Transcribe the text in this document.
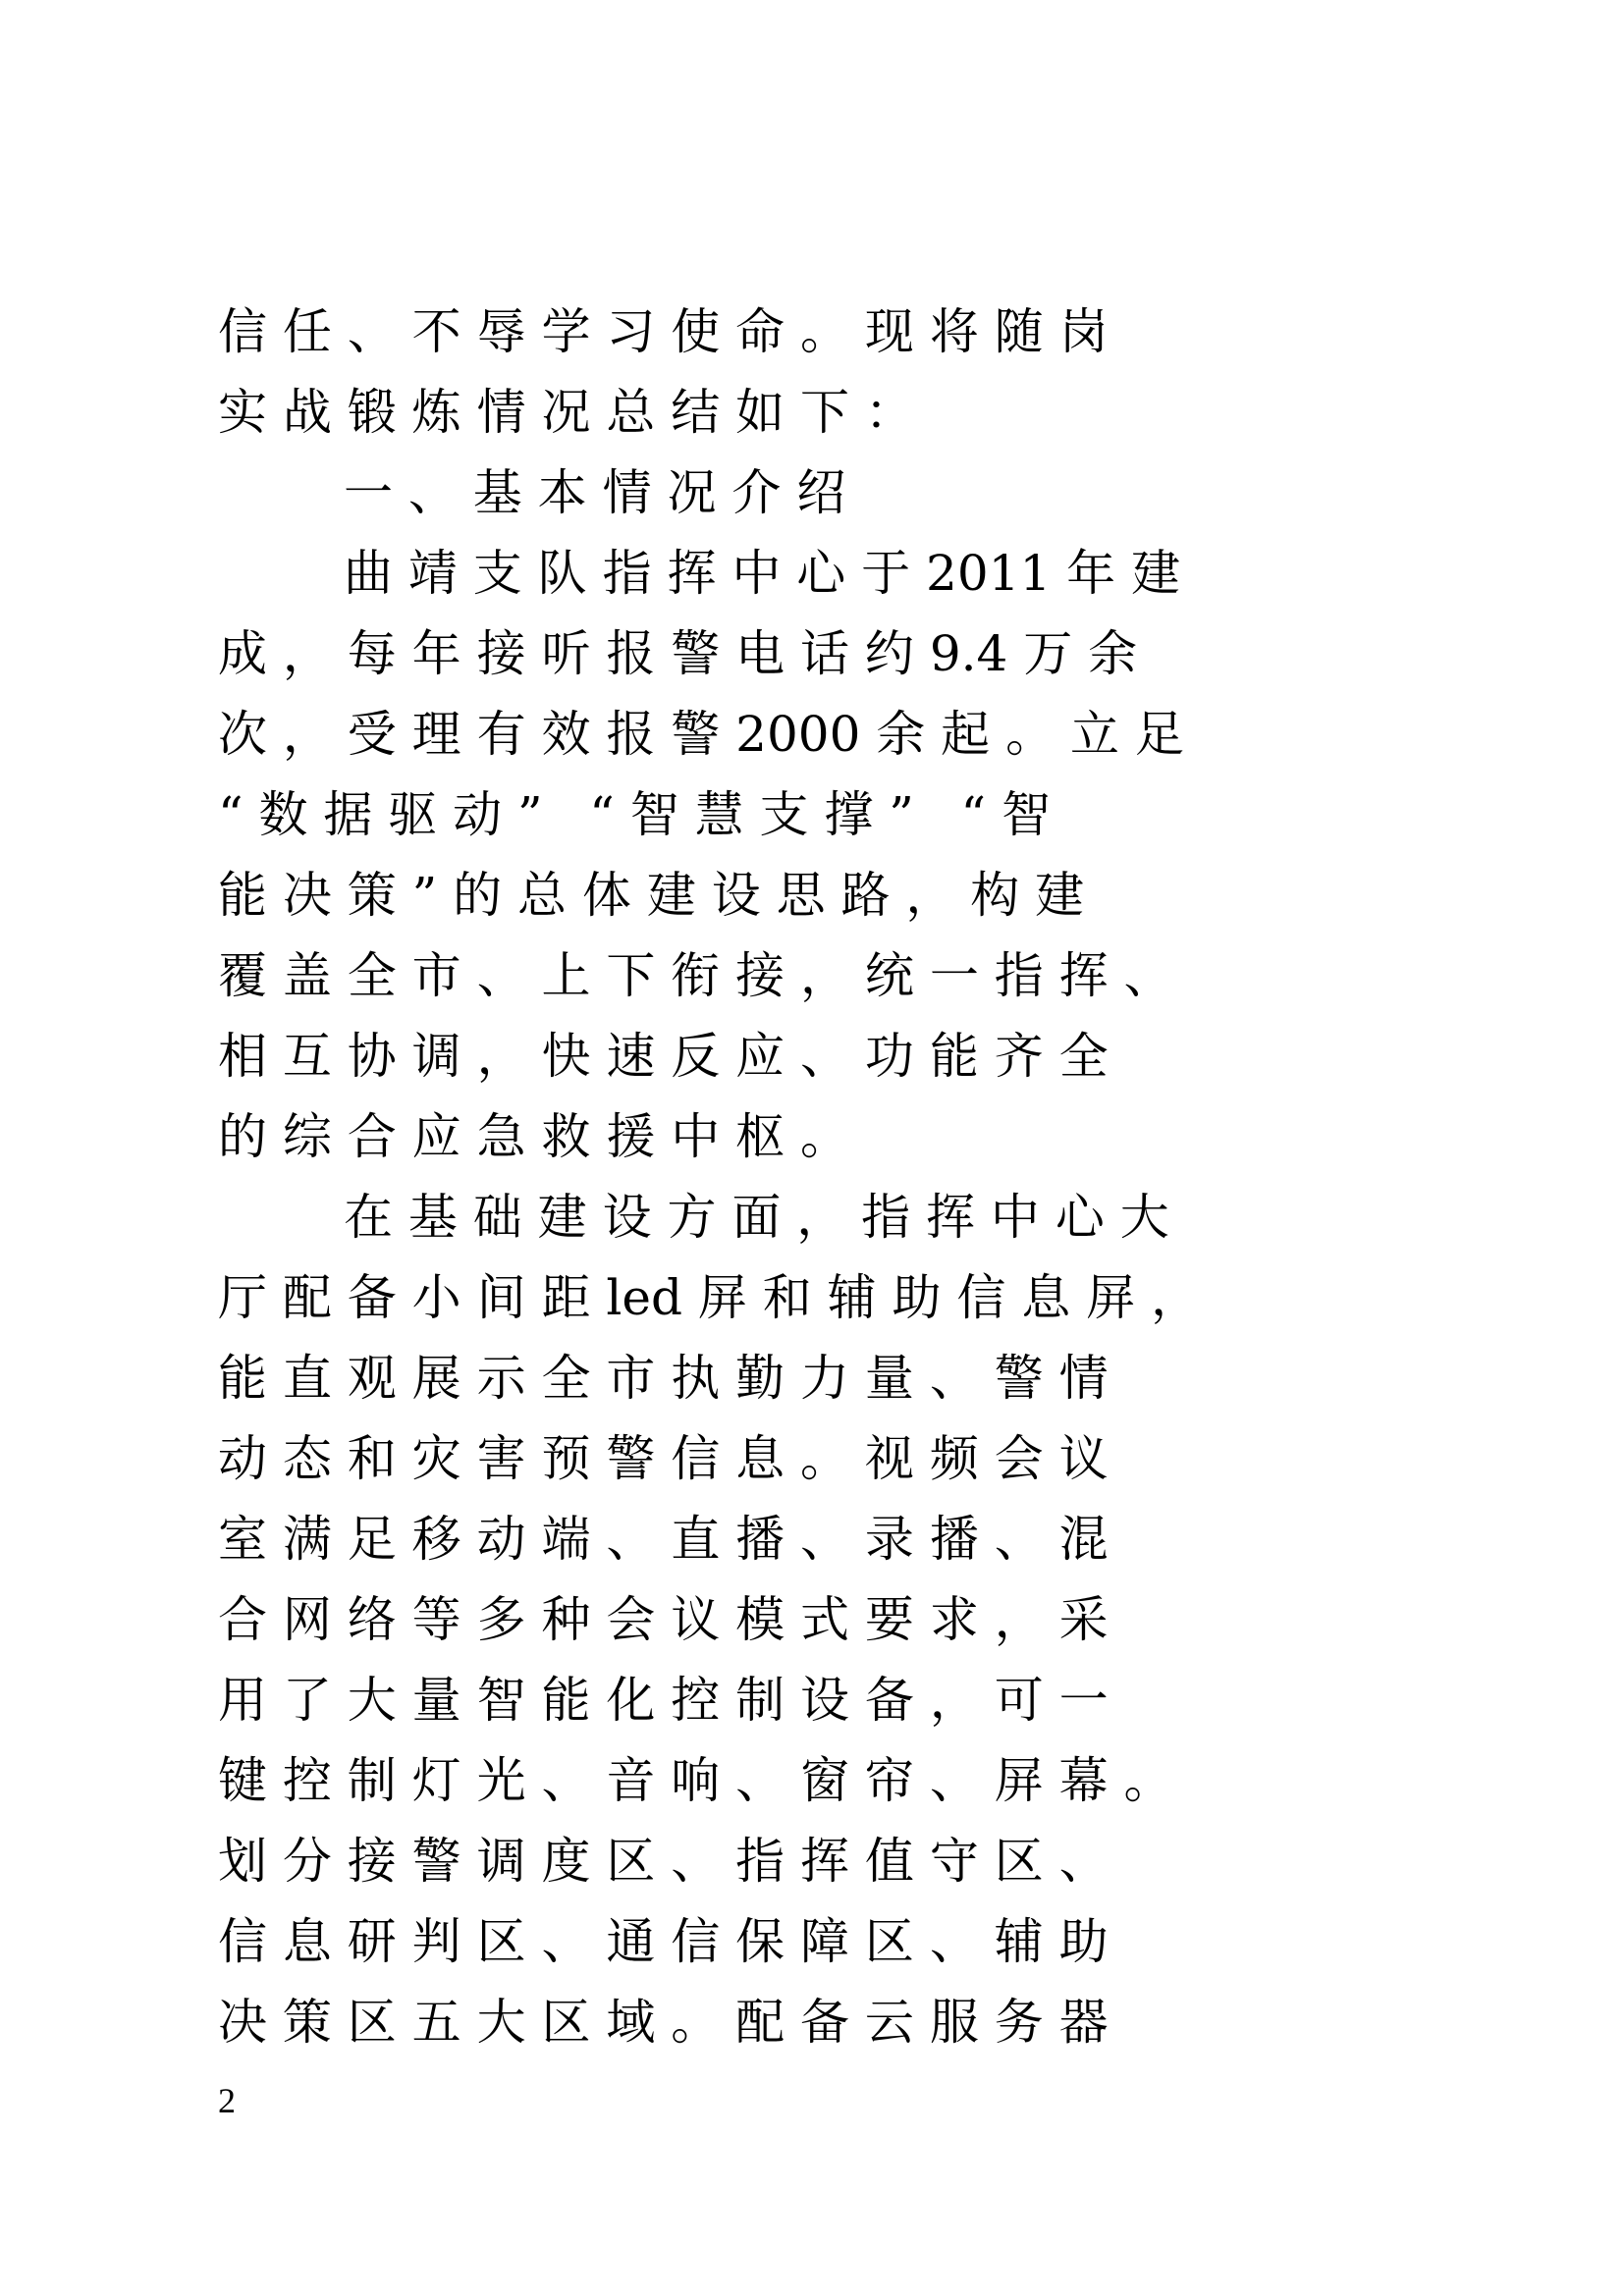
信 任 、 不 辱 学 习 使 命 。 现 将 随 岗
实 战 锻 炼 情 况 总 结 如 下 ：
一 、 基 本 情 况 介 绍
曲 靖 支 队 指 挥 中 心 于 2011 年 建
成 ， 每 年 接 听 报 警 电 话 约 9.4 万 余
次 ， 受 理 有 效 报 警 2000 余 起 。 立 足
“ 数 据 驱 动 ”   “ 智 慧 支 撑 ”   “ 智
能 决 策 ” 的 总 体 建 设 思 路 ， 构 建
覆 盖 全 市 、 上 下 衔 接 ， 统 一 指 挥 、
相 互 协 调 ， 快 速 反 应 、 功 能 齐 全
的 综 合 应 急 救 援 中 枢 。
在 基 础 建 设 方 面 ， 指 挥 中 心 大
厅 配 备 小 间 距 led 屏 和 辅 助 信 息 屏 ，
能 直 观 展 示 全 市 执 勤 力 量 、 警 情
动 态 和 灾 害 预 警 信 息 。 视 频 会 议
室 满 足 移 动 端 、 直 播 、 录 播 、 混
合 网 络 等 多 种 会 议 模 式 要 求 ， 采
用 了 大 量 智 能 化 控 制 设 备 ， 可 一
键 控 制 灯 光 、 音 响 、 窗 帘 、 屏 幕 。
划 分 接 警 调 度 区 、 指 挥 值 守 区 、
信 息 研 判 区 、 通 信 保 障 区 、 辅 助
决 策 区 五 大 区 域 。 配 备 云 服 务 器
2
